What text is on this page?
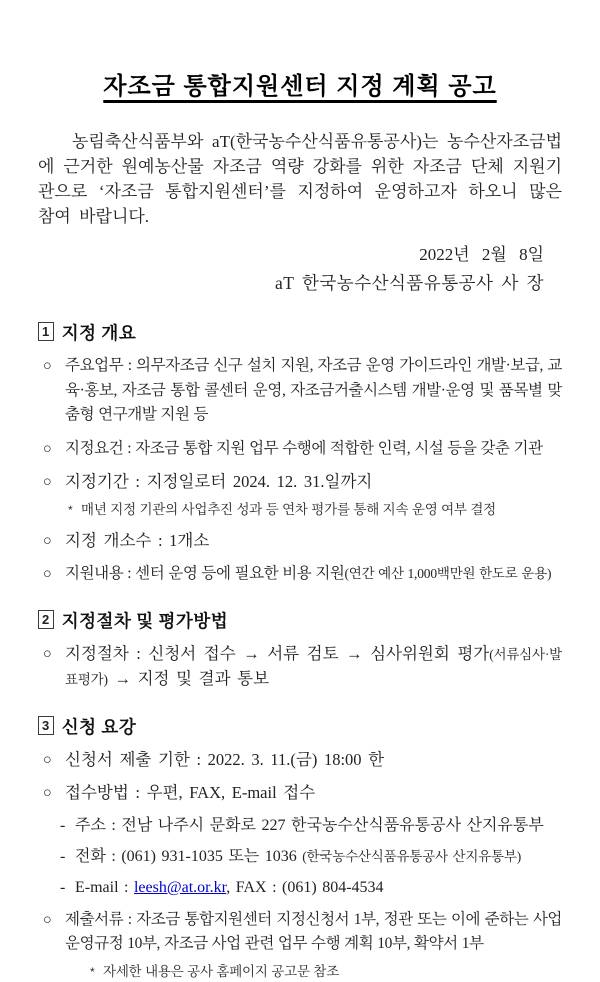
자조금 통합지원센터 지정 계획 공고

농림축산식품부와 aT(한국농수산식품유통공사)는 농수산자조금법에 근거한 원예농산물 자조금 역량 강화를 위한 자조금 단체 지원기관으로 ‘자조금 통합지원센터’를 지정하여 운영하고자 하오니 많은 참여 바랍니다.

2022년 2월 8일
aT 한국농수산식품유통공사 사 장
1 지정 개요
○ 주요업무 : 의무자조금 신구 설치 지원, 자조금 운영 가이드라인 개발·보급, 교육·홍보, 자조금 통합 콜센터 운영, 자조금거출시스템 개발·운영 및 품목별 맞춤형 연구개발 지원 등
○ 지정요건 : 자조금 통합 지원 업무 수행에 적합한 인력, 시설 등을 갖춘 기관
○ 지정기간 : 지정일로터 2024. 12. 31.일까지
* 매년 지정 기관의 사업추진 성과 등 연차 평가를 통해 지속 운영 여부 결정
○ 지정 개소수 : 1개소
○ 지원내용 : 센터 운영 등에 필요한 비용 지원(연간 예산 1,000백만원 한도로 운용)
2 지정절차 및 평가방법
○ 지정절차 : 신청서 접수 → 서류 검토 → 심사위원회 평가(서류심사·발표평가) → 지정 및 결과 통보
3 신청 요강
○ 신청서 제출 기한 : 2022. 3. 11.(금) 18:00 한
○ 접수방법 : 우편, FAX, E-mail 접수
- 주소 : 전남 나주시 문화로 227 한국농수산식품유통공사 산지유통부
- 전화 : (061) 931-1035 또는 1036 (한국농수산식품유통공사 산지유통부)
- E-mail : leesh@at.or.kr, FAX : (061) 804-4534
○ 제출서류 : 자조금 통합지원센터 지정신청서 1부, 정관 또는 이에 준하는 사업운영규정 10부, 자조금 사업 관련 업무 수행 계획 10부, 확약서 1부
* 자세한 내용은 공사 홈페이지 공고문 참조
